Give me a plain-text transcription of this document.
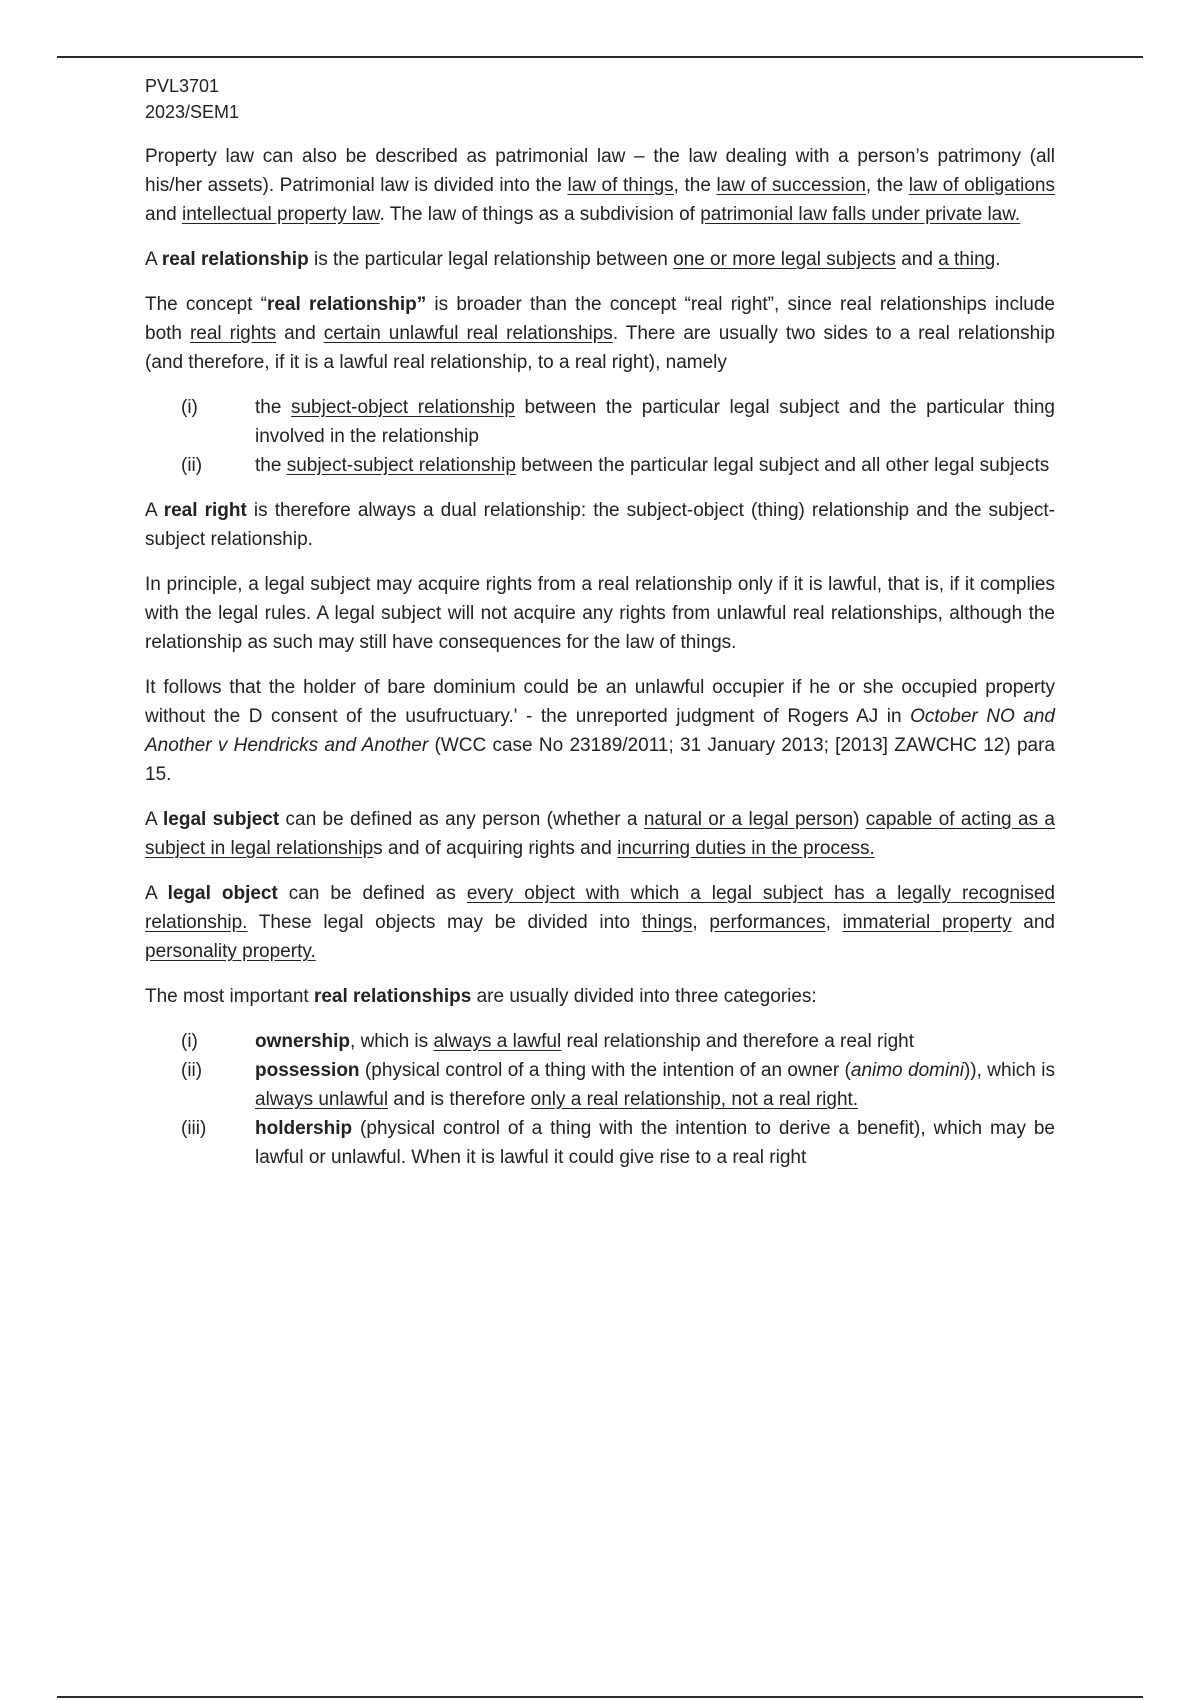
PVL3701
2023/SEM1

Property law can also be described as patrimonial law – the law dealing with a person’s patrimony (all his/her assets). Patrimonial law is divided into the law of things, the law of succession, the law of obligations and intellectual property law. The law of things as a subdivision of patrimonial law falls under private law.

A real relationship is the particular legal relationship between one or more legal subjects and a thing.

The concept “real relationship” is broader than the concept “real right”, since real relationships include both real rights and certain unlawful real relationships. There are usually two sides to a real relationship (and therefore, if it is a lawful real relationship, to a real right), namely

(i)	the subject-object relationship between the particular legal subject and the particular thing involved in the relationship
(ii)	the subject-subject relationship between the particular legal subject and all other legal subjects

A real right is therefore always a dual relationship: the subject-object (thing) relationship and the subject-subject relationship.

In principle, a legal subject may acquire rights from a real relationship only if it is lawful, that is, if it complies with the legal rules. A legal subject will not acquire any rights from unlawful real relationships, although the relationship as such may still have consequences for the law of things.

It follows that the holder of bare dominium could be an unlawful occupier if he or she occupied property without the D consent of the usufructuary.' - the unreported judgment of Rogers AJ in October NO and Another v Hendricks and Another (WCC case No 23189/2011; 31 January 2013; [2013] ZAWCHC 12) para 15.

A legal subject can be defined as any person (whether a natural or a legal person) capable of acting as a subject in legal relationships and of acquiring rights and incurring duties in the process.

A legal object can be defined as every object with which a legal subject has a legally recognised relationship. These legal objects may be divided into things, performances, immaterial property and personality property.

The most important real relationships are usually divided into three categories:

(i)	ownership, which is always a lawful real relationship and therefore a real right
(ii)	possession (physical control of a thing with the intention of an owner (animo domini)), which is always unlawful and is therefore only a real relationship, not a real right.
(iii)	holdership (physical control of a thing with the intention to derive a benefit), which may be lawful or unlawful. When it is lawful it could give rise to a real right
